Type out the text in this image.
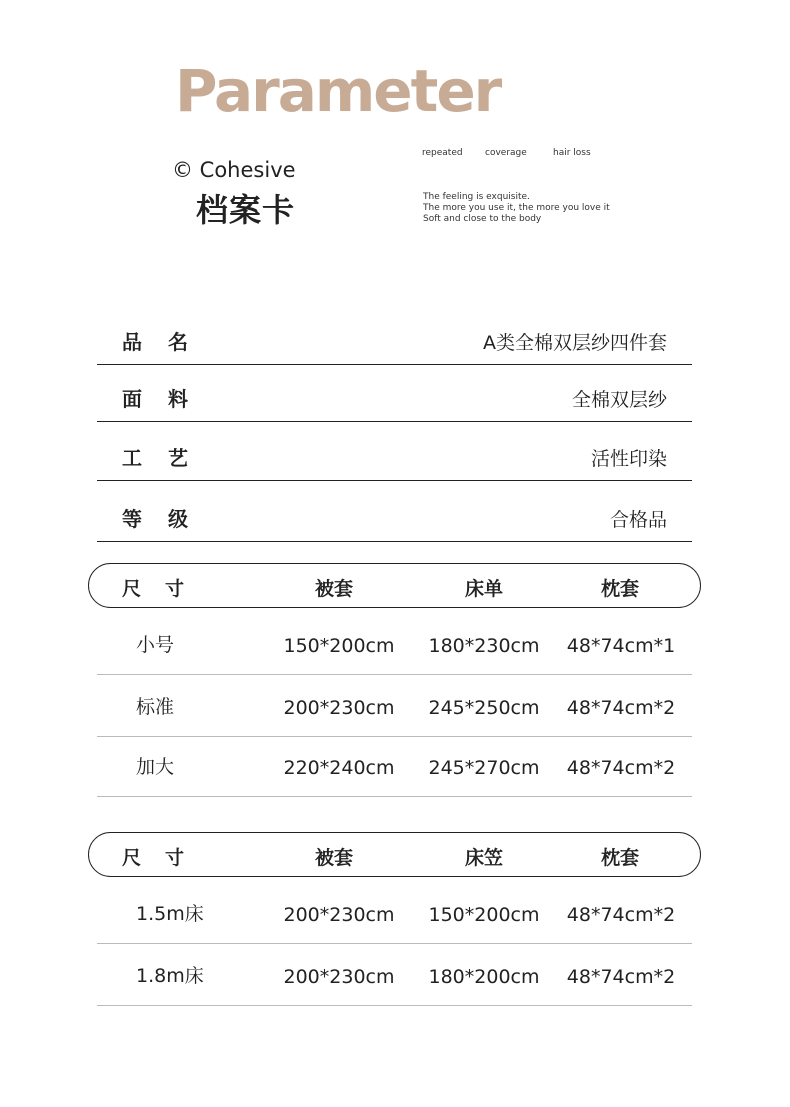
Parameter
© Cohesive
档案卡
repeated coverage	hair loss
The feeling is exquisite.
The more you use it, the more you love it
Soft and close to the body
品名	A类全棉双层纱四件套
面料	全棉双层纱
工艺	活性印染
等级	合格品
尺寸	被套	床单	枕套
小号	150*200cm 180*230cm 48*74cm*1
标准	200*230cm 245*250cm 48*74cm*2
加大	220*240cm 245*270cm 48*74cm*2
尺寸	被套	床笠	枕套
1.5m床	200*230cm 150*200cm 48*74cm*2
1.8m床	200*230cm 180*200cm 48*74cm*2
